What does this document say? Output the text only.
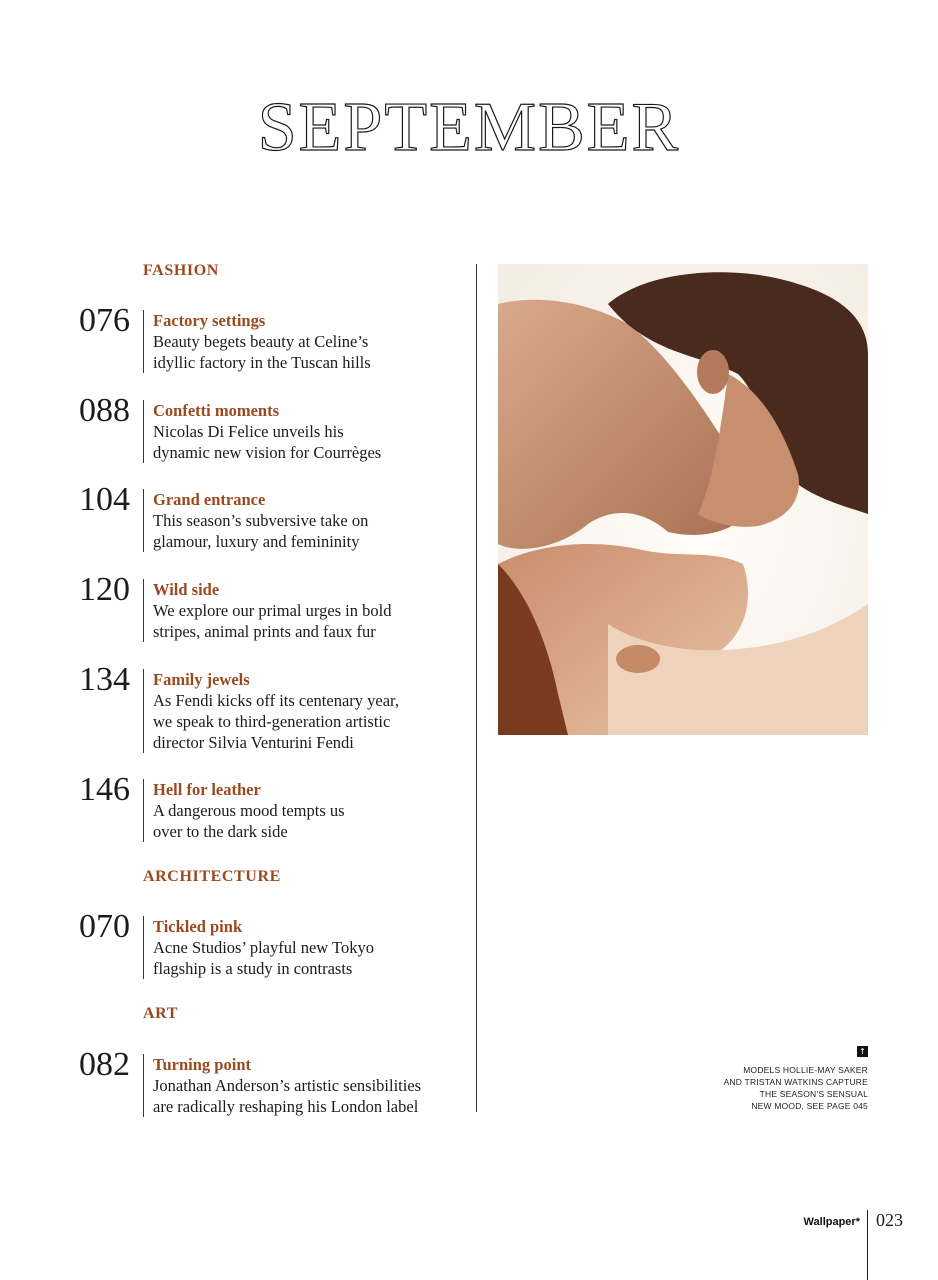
SEPTEMBER
FASHION
076 Factory settings
Beauty begets beauty at Celine’s
idyllic factory in the Tuscan hills
088 Confetti moments
Nicolas Di Felice unveils his
dynamic new vision for Courrèges
104 Grand entrance
This season’s subversive take on
glamour, luxury and femininity
120 Wild side
We explore our primal urges in bold
stripes, animal prints and faux fur
134 Family jewels
As Fendi kicks off its centenary year,
we speak to third-generation artistic
director Silvia Venturini Fendi
146 Hell for leather
A dangerous mood tempts us
over to the dark side
ARCHITECTURE
070 Tickled pink
Acne Studios’ playful new Tokyo
flagship is a study in contrasts
ART
082 Turning point
Jonathan Anderson’s artistic sensibilities
are radically reshaping his London label
↑
MODELS HOLLIE-MAY SAKER
AND TRISTAN WATKINS CAPTURE
THE SEASON’S SENSUAL
NEW MOOD, SEE PAGE 045
Wallpaper* 023
